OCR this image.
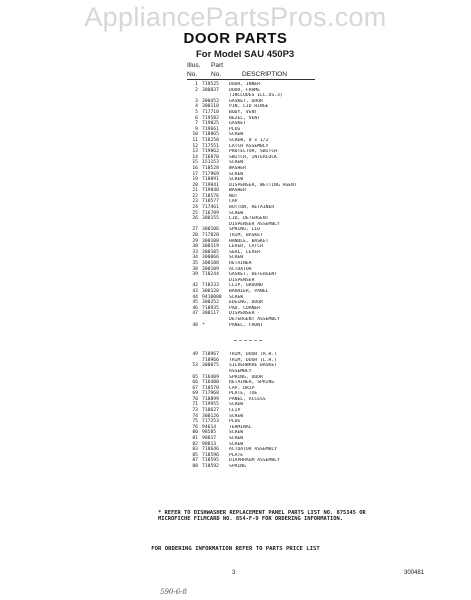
AppliancePartsPros.com
DOOR PARTS
For Model SAU 450P3
Illus.
No.
Part
No.	DESCRIPTION
1 719525	DOOR, INNER
2 300837	DOOR, FRAME
(INCLUDES ILL.US.3)
3 300452	GASKET, DOOR
4 300118	PIN, LID HINGE
5 717718	BODY, VENT
6 719582	BEZEL, VENT
7 719025	GASKET
9 719661	PLUG
10 718865	SCREW
11 718250	SCREW, 8 x 1/2
12 717551	LATCH ASSEMBLY
13 719862	PROTECTOR, SWITCH
14 716870	SWITCH, INTERLOCK
15 151153	SCREW
16 718528	WASHER
17 717969	SCREW
19 718891	SCREW
20 719841	DISPENSER, WETTING AGENT
21 719840	WASHER
22 718576	NUT
23 718577	CAP
24 717461	BUTTON, RETAINER
25 716789	SCREW
26 300155	LID, DETERGENT
DISPENSER ASSEMBLY
27 300106	SPRING, LID
28 717828	TRIM, BASKET
29 300108	HANDLE, BASKET
30 300119	LEVER, CATCH
33 300105	SEAL, LEVER
34 300066	SCREW
35 300108	RETAINER
38 300109	ACTUATOR
39 718244	GASKET, DETERGENT
DISPENSER
42 718233	CLIP, GROUND
43 300120	BARRIER, PANEL
44 9410008	SCREW
45 300252	EDGING, DOOR
46 718935	PAD, CORNER
47 300117	DISPENSER -
DETERGENT ASSEMBLY
48 *	PANEL, FRONT
49 718967	TRIM, DOOR (R.H.)
718966	TRIM, DOOR (L.H.)
53 300075	SILVERWARE BASKET
ASSEMBLY
65 716409	SPRING, DOOR
66 716400	RETAINER, SPRING
67 718578	CAP, DRIP
69 717968	PLATE, TOE
70 718899	PANEL, ACCESS
71 719955	SCREW
73 718627	CLIP
74 300126	SCREW
75 717253	PLUG
76 94614	TERMINAL
80 98585	SCREW
81 98817	SCREW
82 98813	SCREW
83 718646	ACTUATOR ASSEMBLY
85 718596	PLATE
87 718595	DIAPHRAGM ASSEMBLY
88 718592	SPRING
* REFER TO DISHWASHER REPLACEMENT PANEL PARTS LIST NO. 875345 OR MICROFICHE FILMCARD NO. 854-F-9 FOR ORDERING INFORMATION.
FOR ORDERING INFORMATION REFER TO PARTS PRICE LIST
3	300481
590-6-8
